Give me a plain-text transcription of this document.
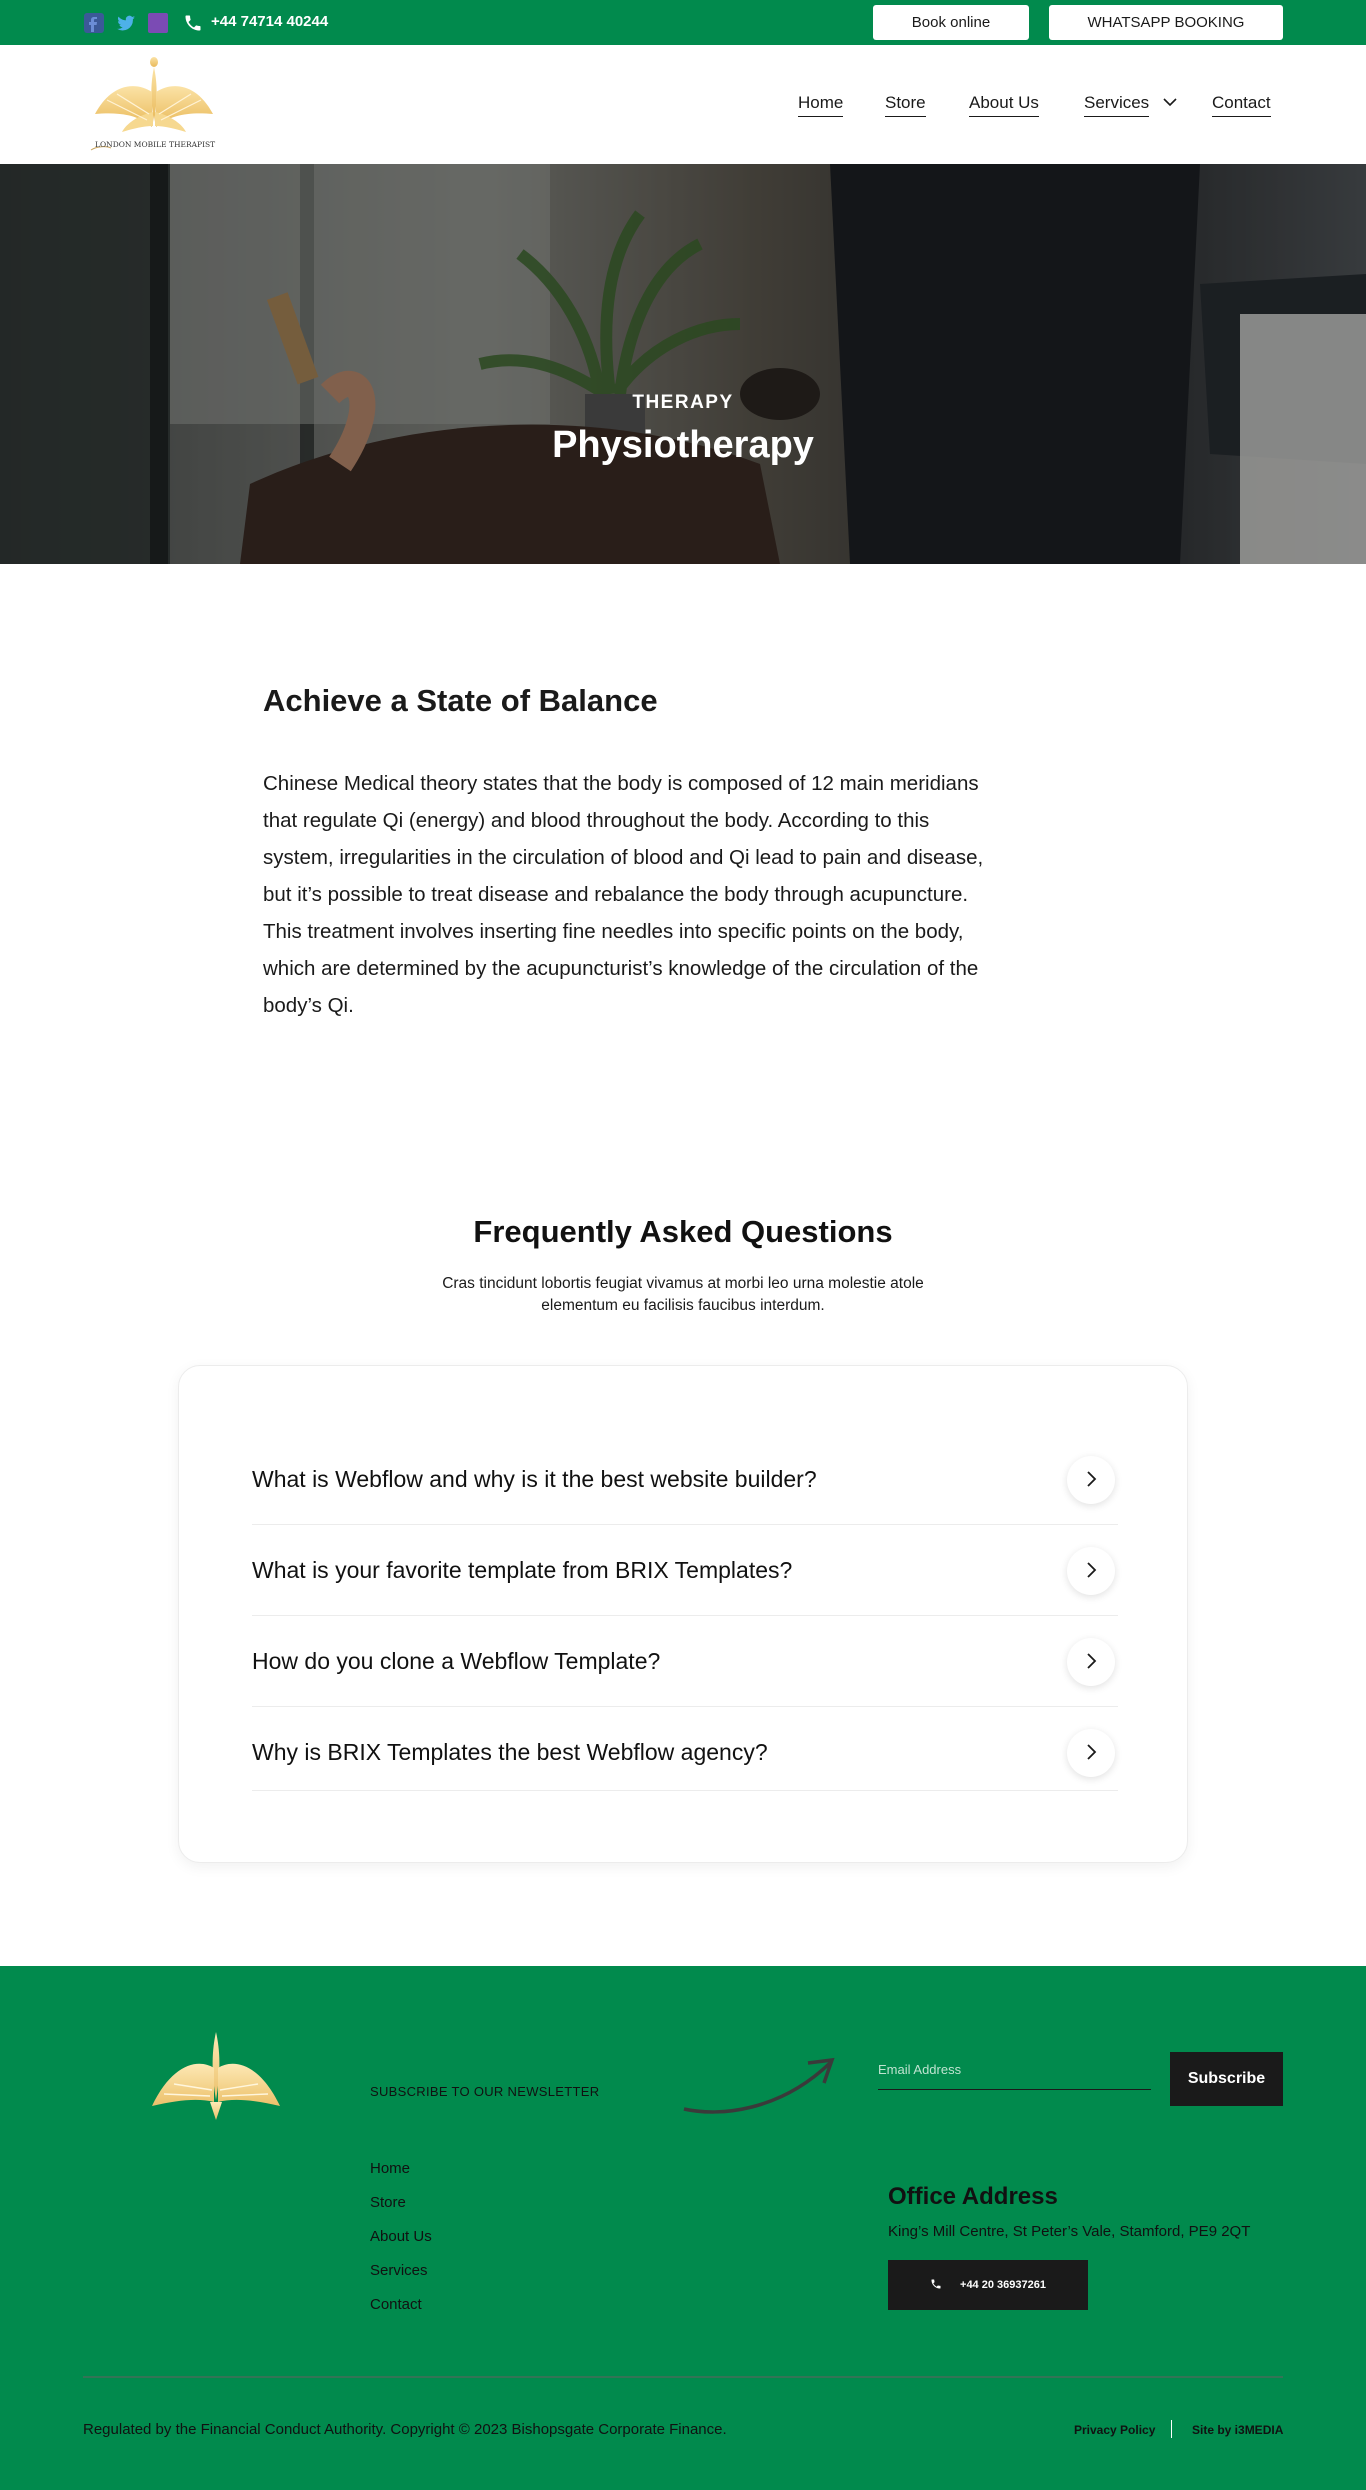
+44 74714 40244	Book online	WHATSAPP BOOKING
LONDON MOBILE THERAPIST
Home Store	About Us	Services	Contact
THERAPY
Physiotherapy
Achieve a State of Balance

Chinese Medical theory states that the body is composed of 12 main meridians that regulate Qi (energy) and blood throughout the body. According to this system, irregularities in the circulation of blood and Qi lead to pain and disease, but it’s possible to treat disease and rebalance the body through acupuncture. This treatment involves inserting fine needles into specific points on the body, which are determined by the acupuncturist’s knowledge of the circulation of the body’s Qi.

Frequently Asked Questions

Cras tincidunt lobortis feugiat vivamus at morbi leo urna molestie atole elementum eu facilisis faucibus interdum.

What is Webflow and why is it the best website builder?
What is your favorite template from BRIX Templates?
How do you clone a Webflow Template?
Why is BRIX Templates the best Webflow agency?
SUBSCRIBE TO OUR NEWSLETTER
Email Address
Subscribe
Home
Store
About Us
Services
Contact
Office Address

King’s Mill Centre, St Peter’s Vale, Stamford, PE9 2QT

+44 20 36937261

Regulated by the Financial Conduct Authority. Copyright © 2023 Bishopsgate Corporate Finance.	Privacy Policy	Site by i3MEDIA
